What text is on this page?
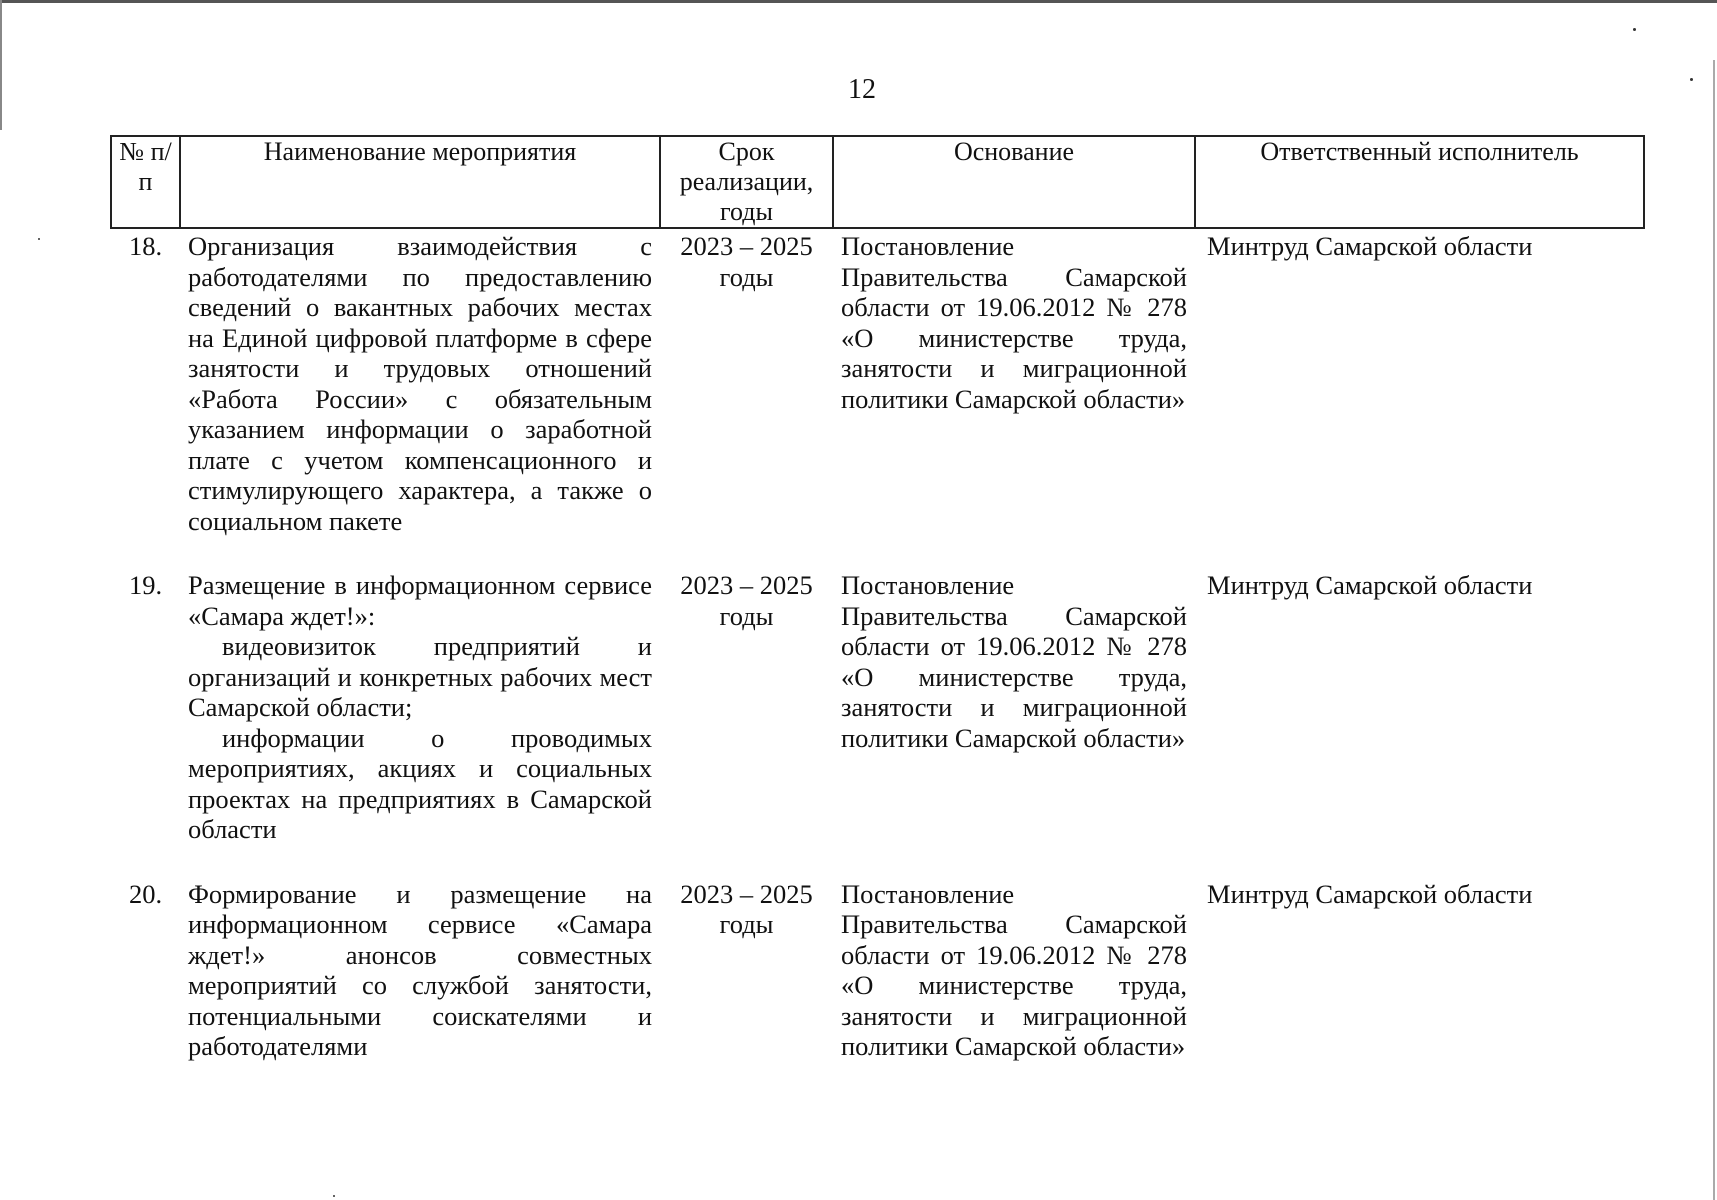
12
№ п/п	Наименование мероприятия	Срок реализации, годы	Основание	Ответственный исполнитель
18.	Организация взаимодействия с работодателями по предоставлению сведений о вакантных рабочих местах на Единой цифровой платформе в сфере занятости и трудовых отношений «Работа России» с обязательным указанием информации о заработной плате с учетом компенсационного и стимулирующего характера, а также о социальном пакете	2023 – 2025 годы	Постановление Правительства Самарской области от 19.06.2012 № 278 «О министерстве труда, занятости и миграционной политики Самарской области»	Минтруд Самарской области
19.	Размещение в информационном сервисе «Самара ждет!»:
видеовизиток предприятий и организаций и конкретных рабочих мест Самарской области;
информации о проводимых мероприятиях, акциях и социальных проектах на предприятиях в Самарской области	2023 – 2025 годы	Постановление Правительства Самарской области от 19.06.2012 № 278 «О министерстве труда, занятости и миграционной политики Самарской области»	Минтруд Самарской области
20.	Формирование и размещение на информационном сервисе «Самара ждет!» анонсов совместных мероприятий со службой занятости, потенциальными соискателями и работодателями	2023 – 2025 годы	Постановление Правительства Самарской области от 19.06.2012 № 278 «О министерстве труда, занятости и миграционной политики Самарской области»	Минтруд Самарской области
